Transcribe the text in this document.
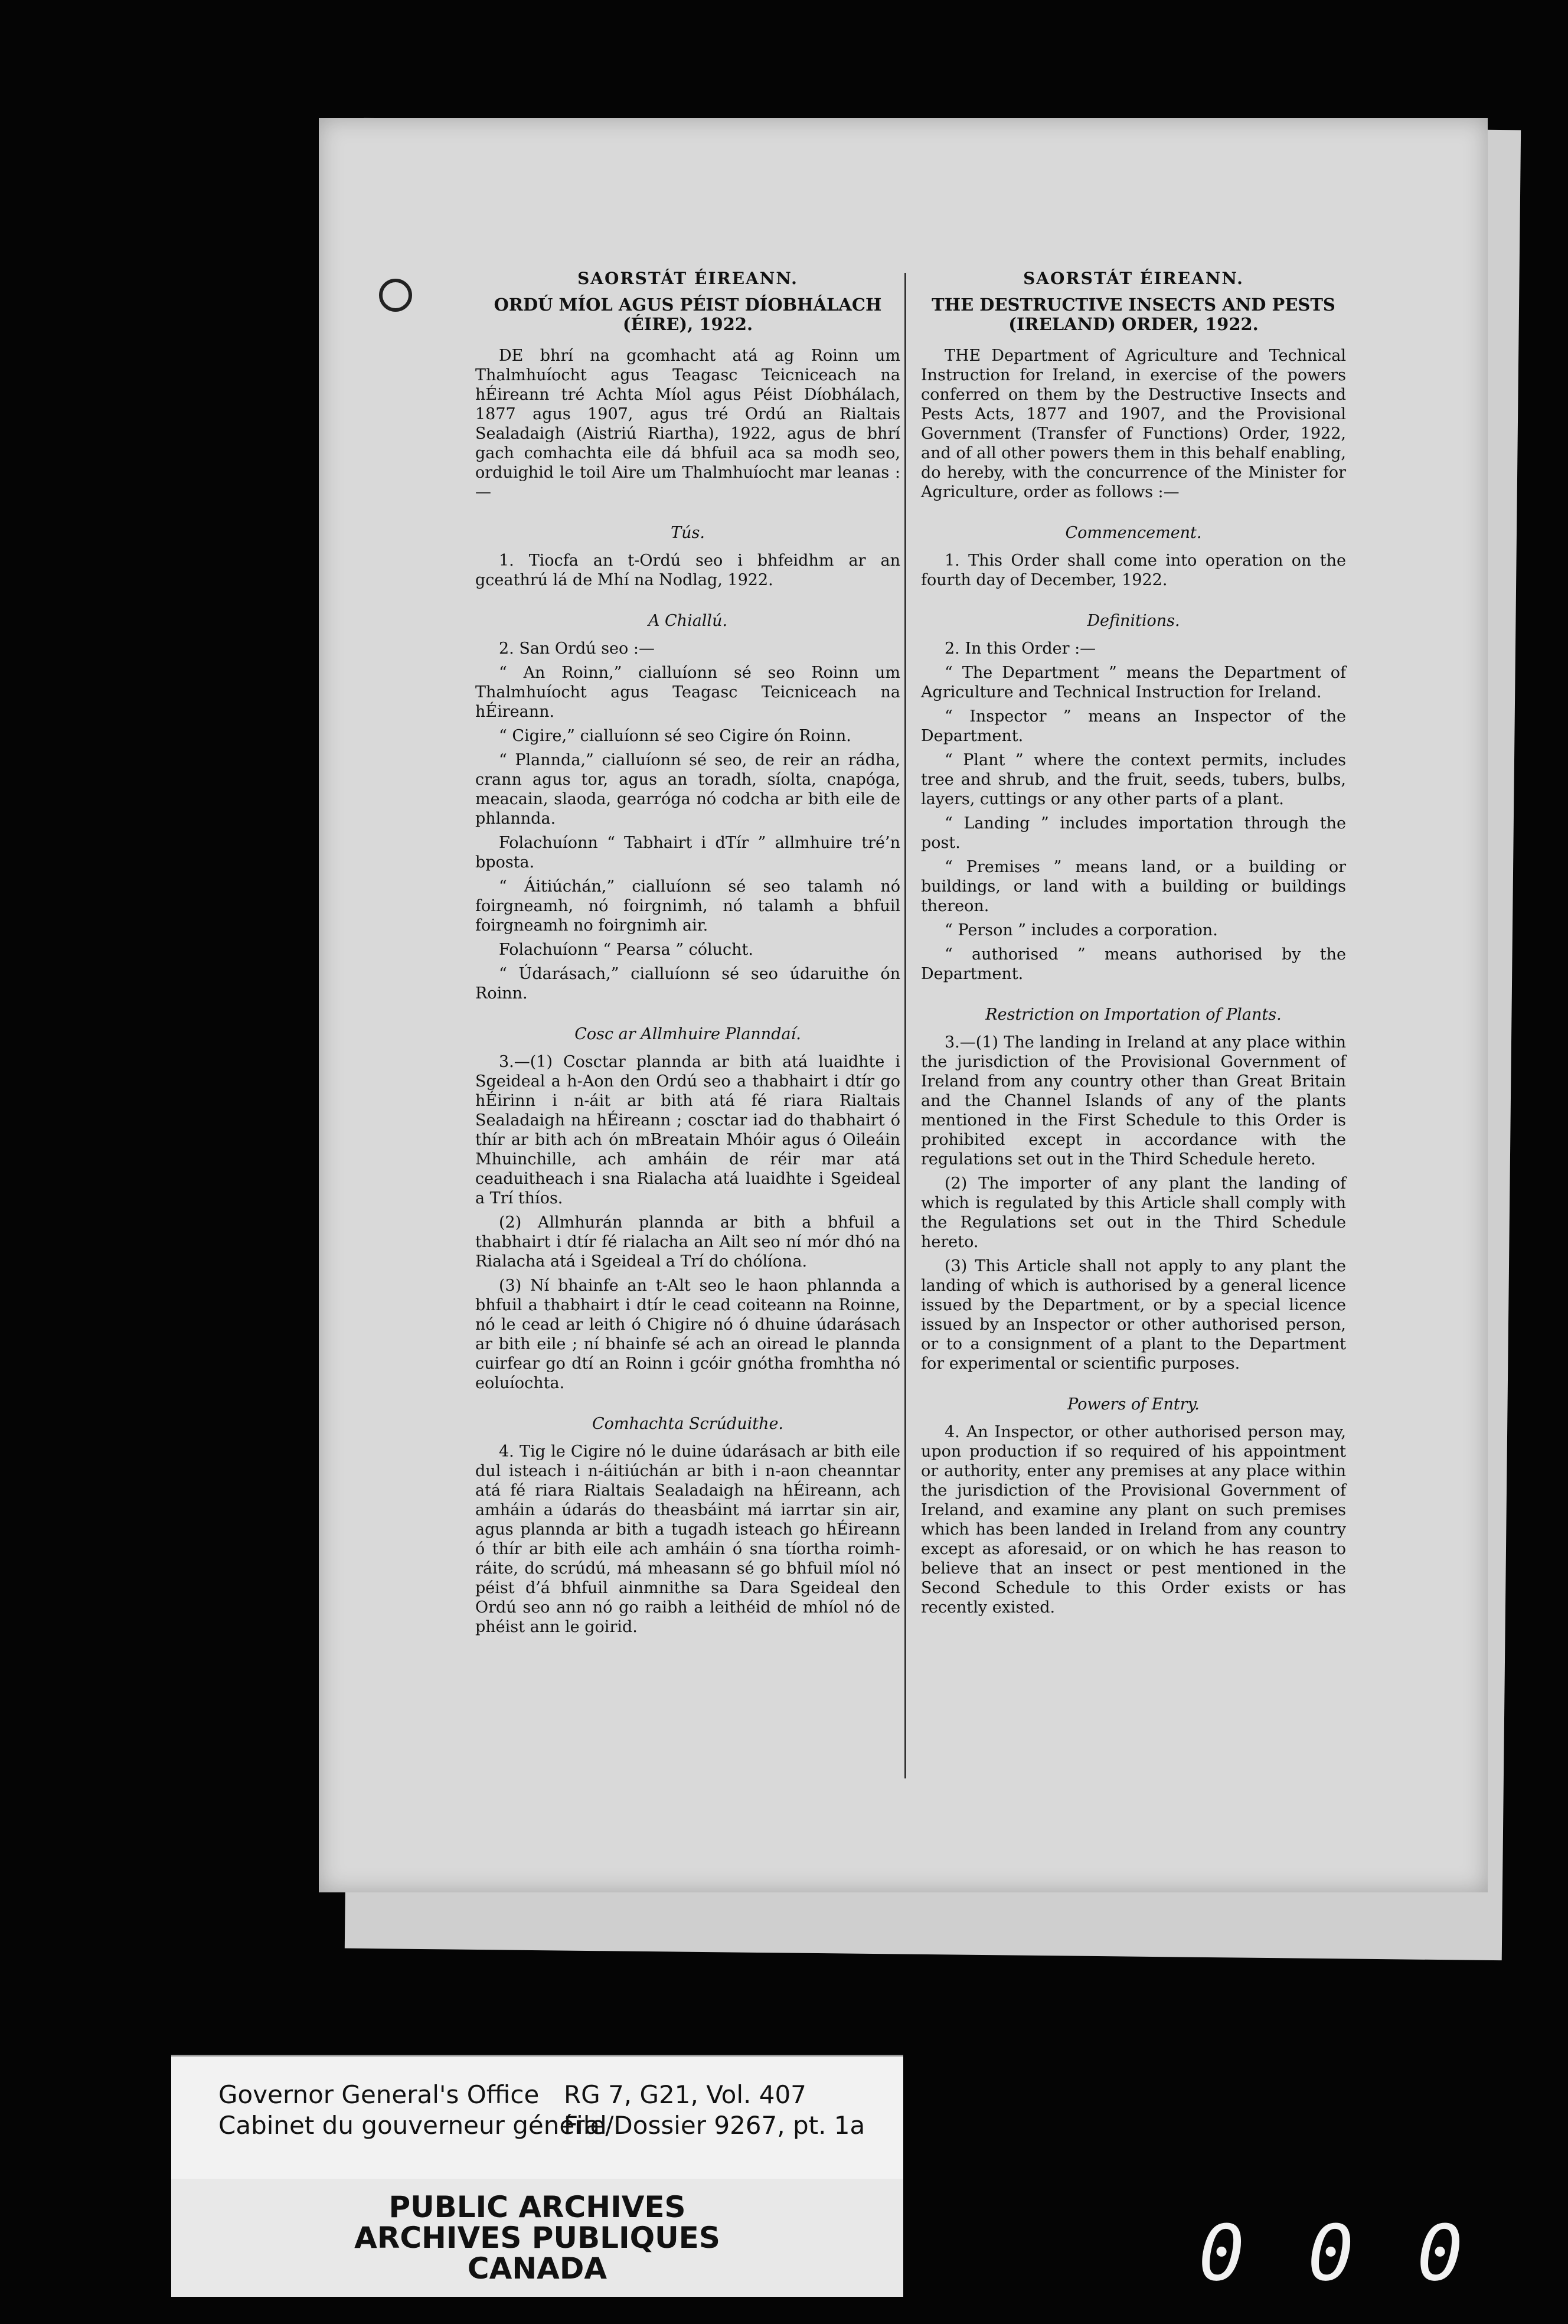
SAORSTÁT ÉIREANN.
ORDÚ MÍOL AGUS PÉIST DÍOBHÁLACH (ÉIRE), 1922.

DE bhrí na gcomhacht atá ag Roinn um Thalmhuíocht agus Teagasc Teicniceach na hÉireann tré Achta Míol agus Péist Díobhálach, 1877 agus 1907, agus tré Ordú an Rialtais Sealadaigh (Aistriú Riartha), 1922, agus de bhrí gach comhachta eile dá bhfuil aca sa modh seo, orduighid le toil Aire um Thalmhuíocht mar leanas :—

Tús.

1. Tiocfa an t-Ordú seo i bhfeidhm ar an gceathrú lá de Mhí na Nodlag, 1922.

A Chiallú.

2. San Ordú seo :—

“ An Roinn,” cialluíonn sé seo Roinn um Thalmhuíocht agus Teagasc Teicniceach na hÉireann.

“ Cigire,” cialluíonn sé seo Cigire ón Roinn.

“ Plannda,” cialluíonn sé seo, de reir an rádha, crann agus tor, agus an toradh, síolta, cnapóga, meacain, slaoda, gearróga nó codcha ar bith eile de phlannda.

Folachuíonn “ Tabhairt i dTír ” allmhuire tré’n bposta.

“ Áitiúchán,” cialluíonn sé seo talamh nó foirgneamh, nó foirgnimh, nó talamh a bhfuil foirgneamh no foirgnimh air.

Folachuíonn “ Pearsa ” cólucht.

“ Údarásach,” cialluíonn sé seo údaruithe ón Roinn.

Cosc ar Allmhuire Planndaí.

3.—(1) Cosctar plannda ar bith atá luaidhte i Sgeideal a h-Aon den Ordú seo a thabhairt i dtír go hÉirinn i n-áit ar bith atá fé riara Rialtais Sealadaigh na hÉireann ; cosctar iad do thabhairt ó thír ar bith ach ón mBreatain Mhóir agus ó Oileáin Mhuinchille, ach amháin de réir mar atá ceaduitheach i sna Rialacha atá luaidhte i Sgeideal a Trí thíos.

(2) Allmhurán plannda ar bith a bhfuil a thabhairt i dtír fé rialacha an Ailt seo ní mór dhó na Rialacha atá i Sgeideal a Trí do chólíona.

(3) Ní bhainfe an t-Alt seo le haon phlannda a bhfuil a thabhairt i dtír le cead coiteann na Roinne, nó le cead ar leith ó Chigire nó ó dhuine údarásach ar bith eile ; ní bhainfe sé ach an oiread le plannda cuirfear go dtí an Roinn i gcóir gnótha fromhtha nó eoluíochta.

Comhachta Scrúduithe.

4. Tig le Cigire nó le duine údarásach ar bith eile dul isteach i n-áitiúchán ar bith i n-aon cheanntar atá fé riara Rialtais Sealadaigh na hÉireann, ach amháin a údarás do theasbáint má iarrtar sin air, agus plannda ar bith a tugadh isteach go hÉireann ó thír ar bith eile ach amháin ó sna tíortha roimh-ráite, do scrúdú, má mheasann sé go bhfuil míol nó péist d’á bhfuil ainmnithe sa Dara Sgeideal den Ordú seo ann nó go raibh a leithéid de mhíol nó de phéist ann le goirid.

SAORSTÁT ÉIREANN.
THE DESTRUCTIVE INSECTS AND PESTS (IRELAND) ORDER, 1922.

THE Department of Agriculture and Technical Instruction for Ireland, in exercise of the powers conferred on them by the Destructive Insects and Pests Acts, 1877 and 1907, and the Provisional Government (Transfer of Functions) Order, 1922, and of all other powers them in this behalf enabling, do hereby, with the concurrence of the Minister for Agriculture, order as follows :—

Commencement.

1. This Order shall come into operation on the fourth day of December, 1922.

Definitions.

2. In this Order :—

“ The Department ” means the Department of Agriculture and Technical Instruction for Ireland.

“ Inspector ” means an Inspector of the Department.

“ Plant ” where the context permits, includes tree and shrub, and the fruit, seeds, tubers, bulbs, layers, cuttings or any other parts of a plant.

“ Landing ” includes importation through the post.

“ Premises ” means land, or a building or buildings, or land with a building or buildings thereon.

“ Person ” includes a corporation.

“ authorised ” means authorised by the Department.

Restriction on Importation of Plants.

3.—(1) The landing in Ireland at any place within the jurisdiction of the Provisional Government of Ireland from any country other than Great Britain and the Channel Islands of any of the plants mentioned in the First Schedule to this Order is prohibited except in accordance with the regulations set out in the Third Schedule hereto.

(2) The importer of any plant the landing of which is regulated by this Article shall comply with the Regulations set out in the Third Schedule hereto.

(3) This Article shall not apply to any plant the landing of which is authorised by a general licence issued by the Department, or by a special licence issued by an Inspector or other authorised person, or to a consignment of a plant to the Department for experimental or scientific purposes.

Powers of Entry.

4. An Inspector, or other authorised person may, upon production if so required of his appointment or authority, enter any premises at any place within the jurisdiction of the Provisional Government of Ireland, and examine any plant on such premises which has been landed in Ireland from any country except as aforesaid, or on which he has reason to believe that an insect or pest mentioned in the Second Schedule to this Order exists or has recently existed.

Governor General's Office
Cabinet du gouverneur général
RG 7, G21, Vol. 407
File/Dossier 9267, pt. 1a
PUBLIC ARCHIVES
ARCHIVES PUBLIQUES
CANADA	0 0 0
